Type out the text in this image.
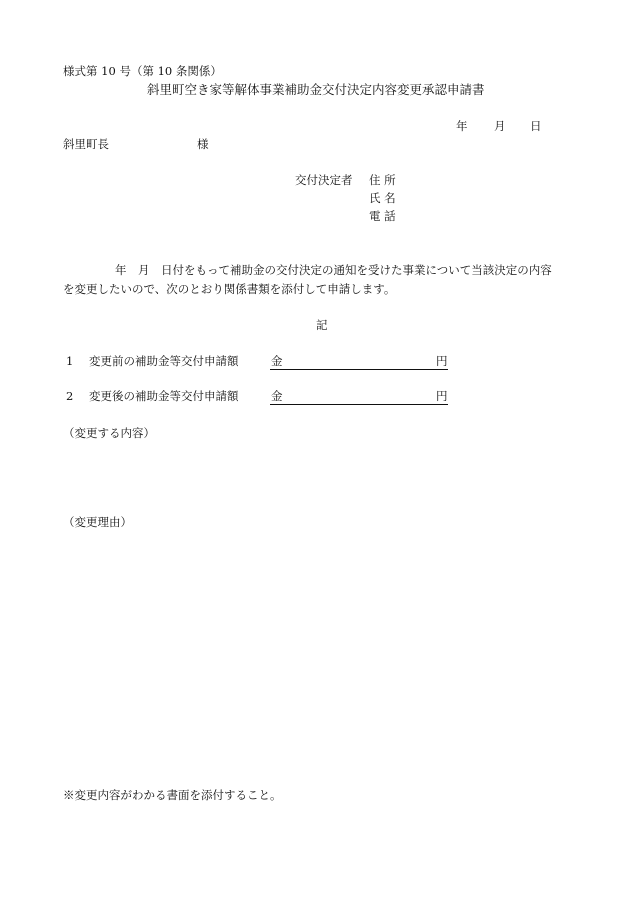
様式第 10 号（第 10 条関係）
斜里町空き家等解体事業補助金交付決定内容変更承認申請書
年 月 日
斜里町長	様
交付決定者 住 所
氏 名
電 話
年　月　日付をもって補助金の交付決定の通知を受けた事業について当該決定の内容
を変更したいので、次のとおり関係書類を添付して申請します。
記
1 変更前の補助金等交付申請額	金	円
2 変更後の補助金等交付申請額	金	円
（変更する内容）
（変更理由）
※変更内容がわかる書面を添付すること。
